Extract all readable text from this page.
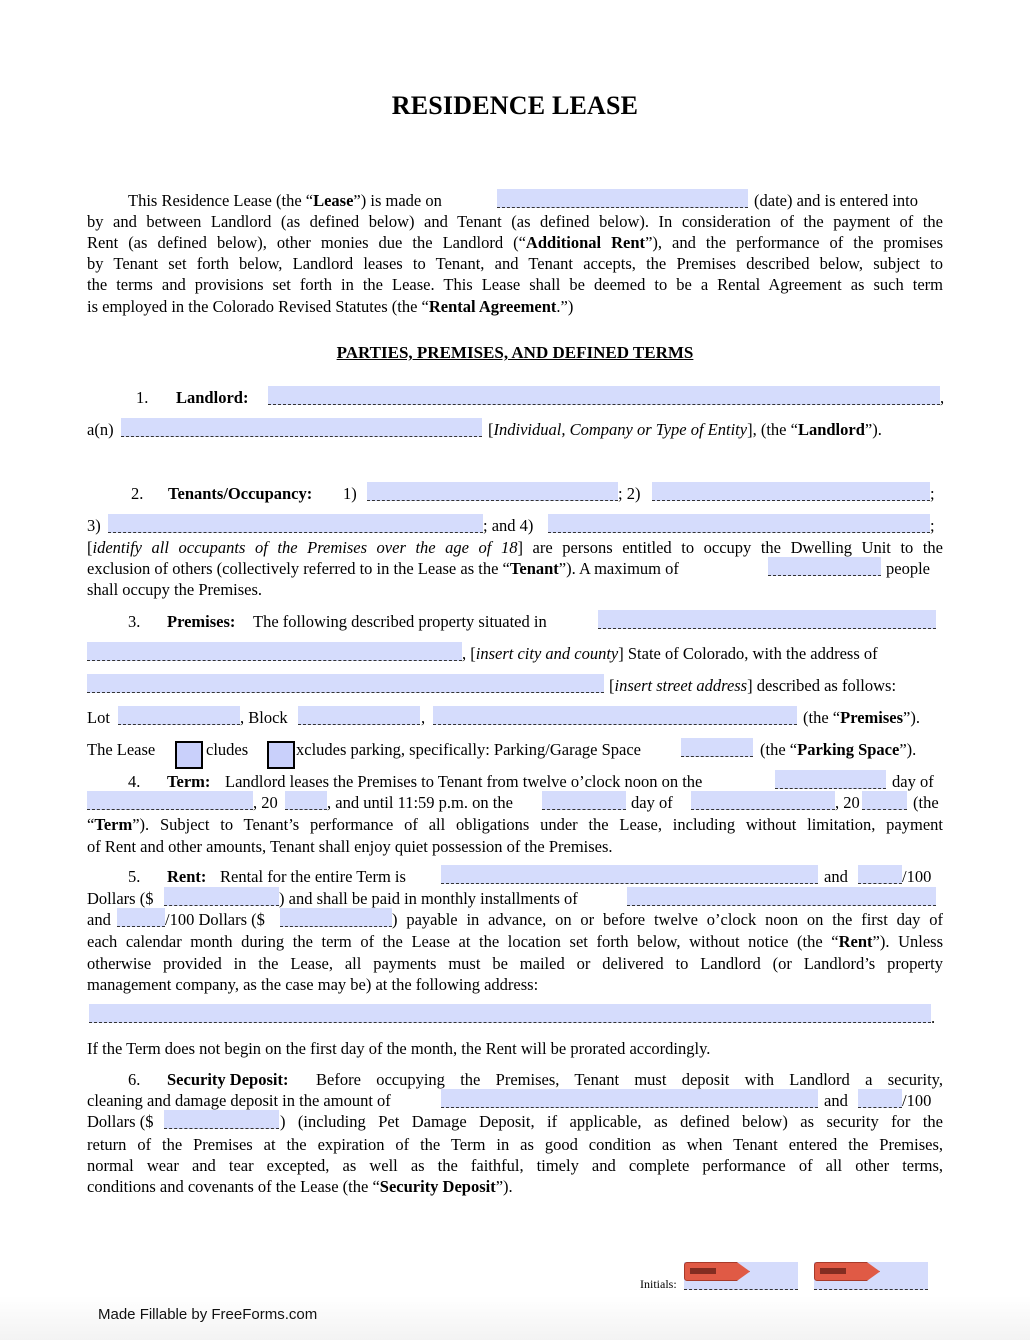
RESIDENCE LEASE
This Residence Lease (the “Lease”) is made on	(date) and is entered into
by and between Landlord (as defined below) and Tenant (as defined below). In consideration of the payment of the
Rent (as defined below), other monies due the Landlord (“Additional Rent”), and the performance of the promises
by Tenant set forth below, Landlord leases to Tenant, and Tenant accepts, the Premises described below, subject to
the terms and provisions set forth in the Lease. This Lease shall be deemed to be a Rental Agreement as such term
is employed in the Colorado Revised Statutes (the “Rental Agreement.”)
PARTIES, PREMISES, AND DEFINED TERMS
1. Landlord:	,
a(n)	[Individual, Company or Type of Entity], (the “Landlord”).
2. Tenants/Occupancy: 1)	; 2)	;
3)	; and 4)	;
[identify all occupants of the Premises over the age of 18] are persons entitled to occupy the Dwelling Unit to the
exclusion of others (collectively referred to in the Lease as the “Tenant”). A maximum of	people
shall occupy the Premises.
3. Premises: The following described property situated in
, [insert city and county] State of Colorado, with the address of
[insert street address] described as follows:
Lot	, Block	,	(the “Premises”).
The Lease	cludes	xcludes parking, specifically: Parking/Garage Space	(the “Parking Space”).
4. Term: Landlord leases the Premises to Tenant from twelve o’clock noon on the	day of
, 20	, and until 11:59 p.m. on the	day of	, 20	(the
“Term”). Subject to Tenant’s performance of all obligations under the Lease, including without limitation, payment
of Rent and other amounts, Tenant shall enjoy quiet possession of the Premises.
5. Rent: Rental for the entire Term is	and	/100
Dollars ($	) and shall be paid in monthly installments of
and	/100 Dollars ($	) payable in advance, on or before twelve o’clock noon on the first day of
each calendar month during the term of the Lease at the location set forth below, without notice (the “Rent”). Unless
otherwise provided in the Lease, all payments must be mailed or delivered to Landlord (or Landlord’s property
management company, as the case may be) at the following address:
.
If the Term does not begin on the first day of the month, the Rent will be prorated accordingly.
6. Security Deposit: Before occupying the Premises, Tenant must deposit with Landlord a security,
cleaning and damage deposit in the amount of	and	/100
Dollars ($	) (including Pet Damage Deposit, if applicable, as defined below) as security for the
return of the Premises at the expiration of the Term in as good condition as when Tenant entered the Premises,
normal wear and tear excepted, as well as the faithful, timely and complete performance of all other terms,
conditions and covenants of the Lease (the “Security Deposit”).
Initials:
Made Fillable by FreeForms.com
